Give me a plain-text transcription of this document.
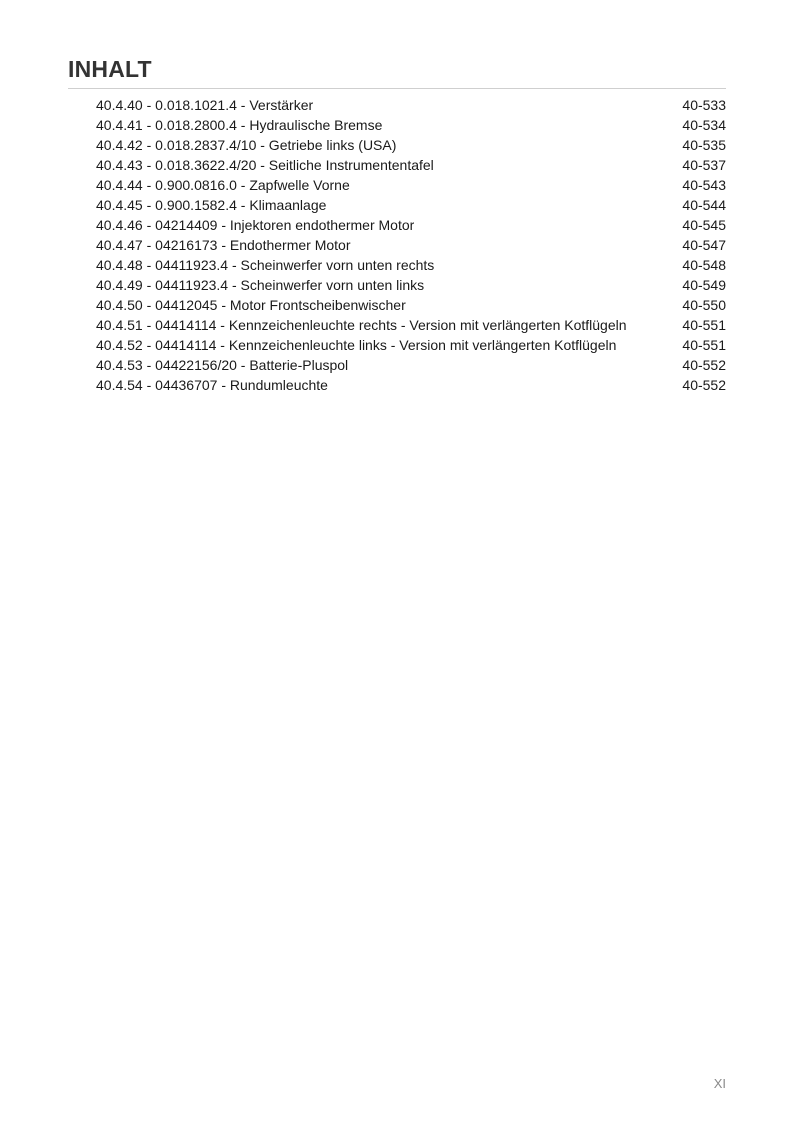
INHALT
40.4.40 - 0.018.1021.4 - Verstärker	40-533
40.4.41 - 0.018.2800.4 - Hydraulische Bremse	40-534
40.4.42 - 0.018.2837.4/10 - Getriebe links (USA)	40-535
40.4.43 - 0.018.3622.4/20 - Seitliche Instrumententafel	40-537
40.4.44 - 0.900.0816.0 - Zapfwelle Vorne	40-543
40.4.45 - 0.900.1582.4 - Klimaanlage	40-544
40.4.46 - 04214409 - Injektoren endothermer Motor	40-545
40.4.47 - 04216173 - Endothermer Motor	40-547
40.4.48 - 04411923.4 - Scheinwerfer vorn unten rechts	40-548
40.4.49 - 04411923.4 - Scheinwerfer vorn unten links	40-549
40.4.50 - 04412045 - Motor Frontscheibenwischer	40-550
40.4.51 - 04414114 - Kennzeichenleuchte rechts - Version mit verlängerten Kotflügeln	40-551
40.4.52 - 04414114 - Kennzeichenleuchte links - Version mit verlängerten Kotflügeln	40-551
40.4.53 - 04422156/20 - Batterie-Pluspol	40-552
40.4.54 - 04436707 - Rundumleuchte	40-552
XI
